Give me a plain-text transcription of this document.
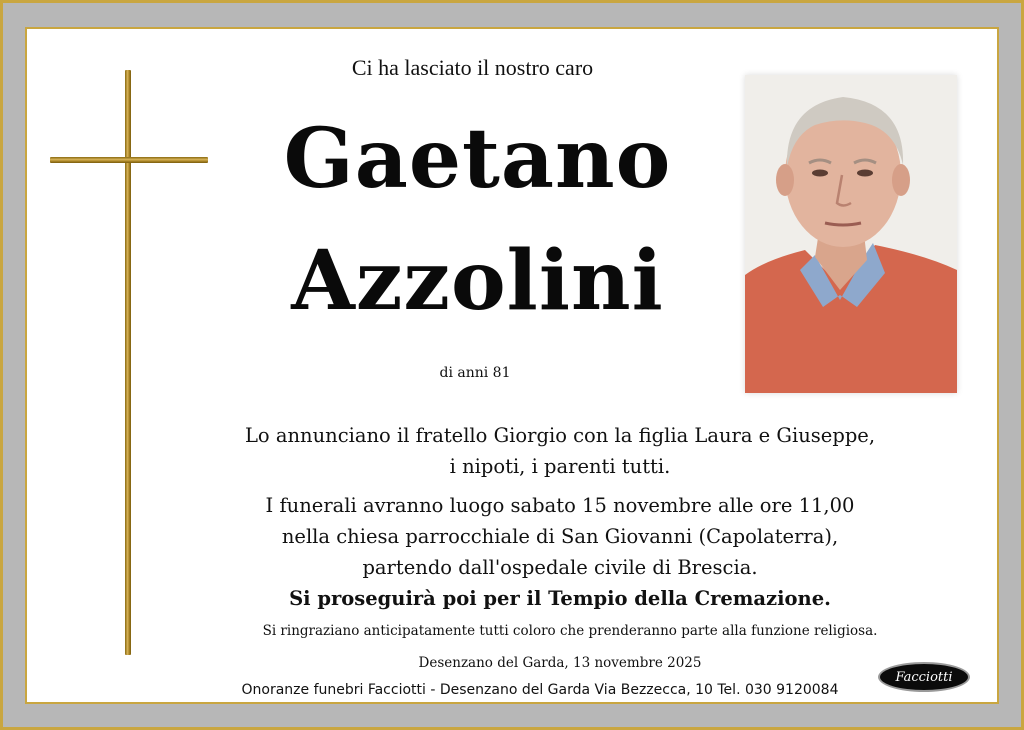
Ci ha lasciato il nostro caro
Gaetano
Azzolini
di anni 81
Lo annunciano il fratello Giorgio con la figlia Laura e Giuseppe,
i nipoti, i parenti tutti.
I funerali avranno luogo sabato 15 novembre alle ore 11,00
nella chiesa parrocchiale di San Giovanni (Capolaterra),
partendo dall'ospedale civile di Brescia.
Si proseguirà poi per il Tempio della Cremazione.
Si ringraziano anticipatamente tutti coloro che prenderanno parte alla funzione religiosa.
Desenzano del Garda, 13 novembre 2025
Onoranze funebri Facciotti - Desenzano del Garda Via Bezzecca, 10 Tel. 030 9120084
Facciotti
